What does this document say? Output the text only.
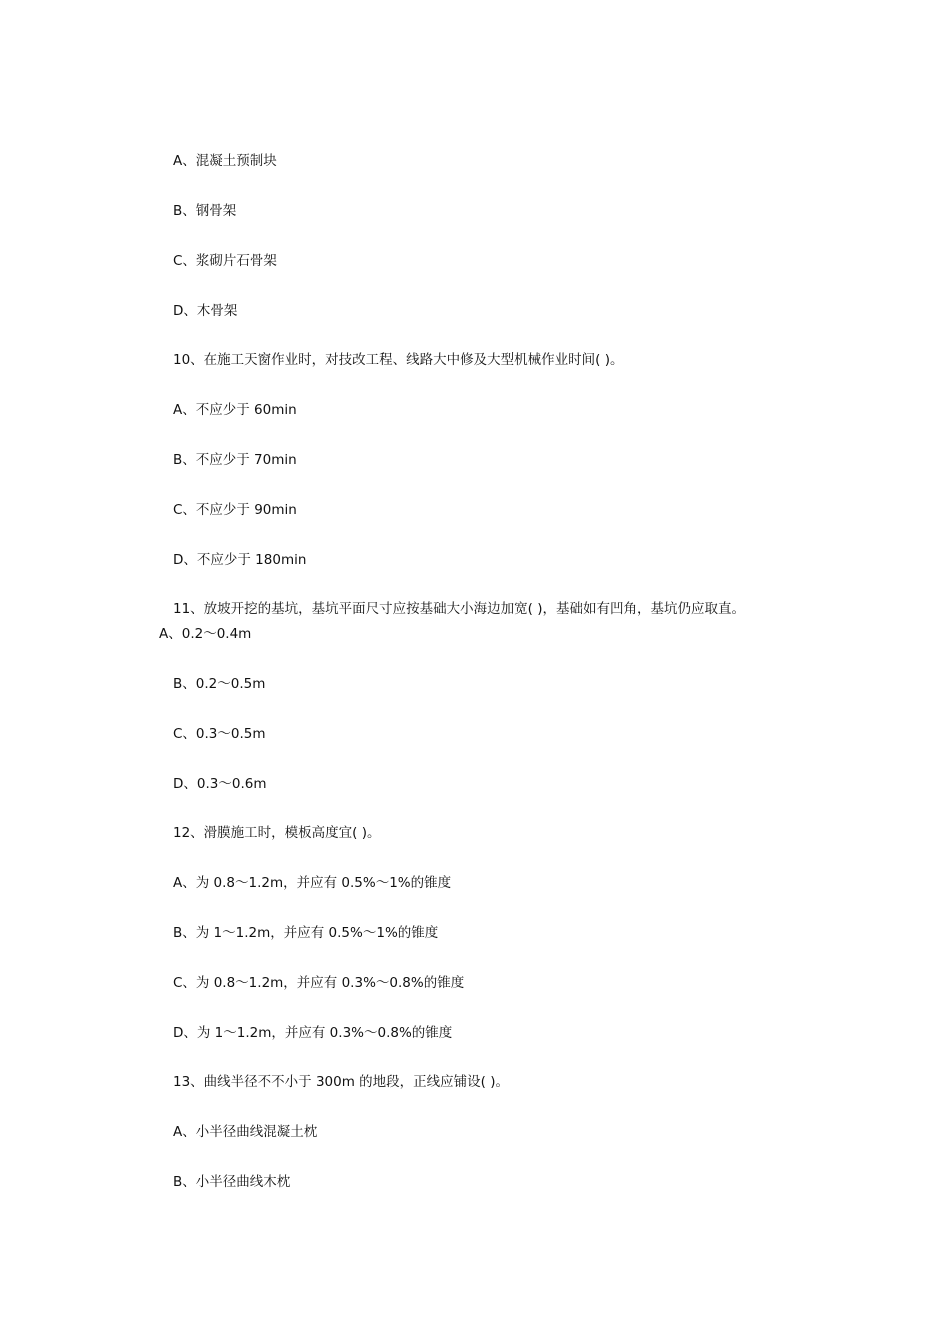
A、混凝土预制块

B、钢骨架

C、浆砌片石骨架

D、木骨架

10、在施工天窗作业时，对技改工程、线路大中修及大型机械作业时间( )。

A、不应少于 60min

B、不应少于 70min

C、不应少于 90min

D、不应少于 180min

11、放坡开挖的基坑，基坑平面尺寸应按基础大小海边加宽( )，基础如有凹角，基坑仍应取直。

A、0.2～0.4m

B、0.2～0.5m

C、0.3～0.5m

D、0.3～0.6m

12、滑膜施工时，模板高度宜( )。

A、为 0.8～1.2m，并应有 0.5%～1%的锥度

B、为 1～1.2m，并应有 0.5%～1%的锥度

C、为 0.8～1.2m，并应有 0.3%～0.8%的锥度

D、为 1～1.2m，并应有 0.3%～0.8%的锥度

13、曲线半径不不小于 300m 的地段，正线应铺设( )。

A、小半径曲线混凝土枕

B、小半径曲线木枕
